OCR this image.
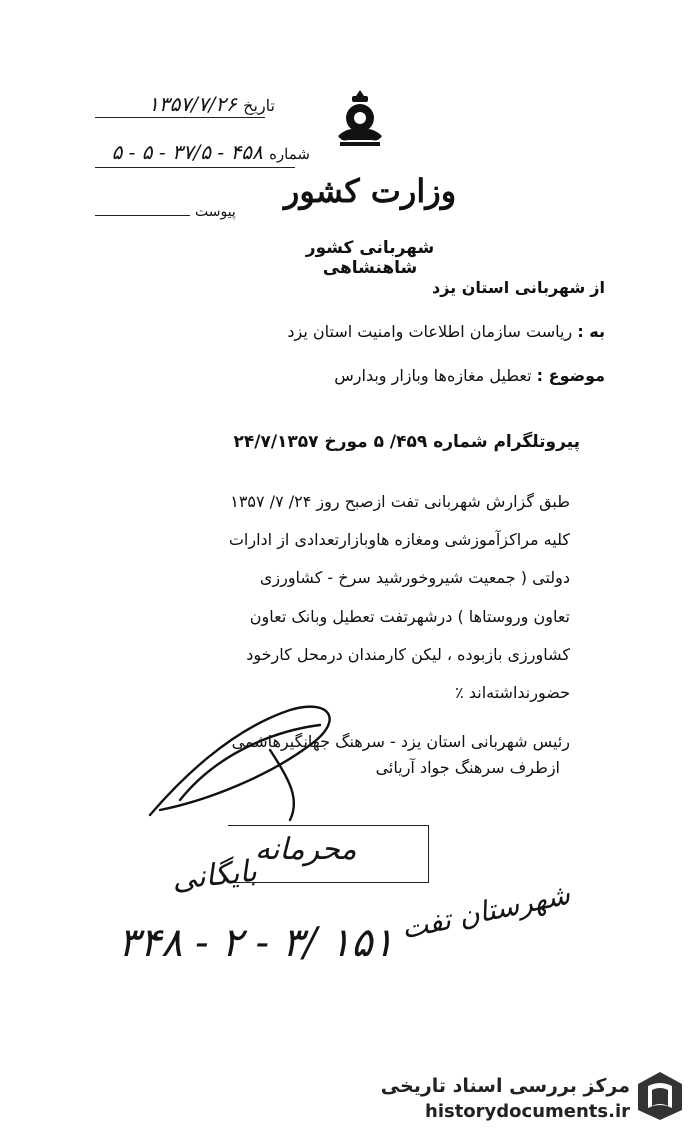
تاریخ ۱۳۵۷/۷/۲۶
شماره ۴۵۸ - ۳۷/۵ - ۵ - ۵
پیوست
وزارت کشور
شهربانی کشور شاهنشاهی
از شهربانی استان یزد
به : ریاست سازمان اطلاعات وامنیت استان یزد
موضوع : تعطیل مغازه‌ها وبازار وبدارس
پیروتلگرام شماره ۴۵۹/ ۵ مورخ ۲۴/۷/۱۳۵۷
طبق گزارش شهربانی تفت ازصبح روز ۲۴/ ۷/ ۱۳۵۷
کلیه مراکزآموزشی ومغازه هاوبازارتعدادی از ادارات
دولتی ( جمعیت شیروخورشید سرخ - کشاورزی
تعاون وروستاها ) درشهرتفت تعطیل وبانک تعاون
کشاورزی بازبوده ، لیکن کارمندان درمحل کارخود
حضورنداشته‌اند ٪
رئیس شهربانی استان یزد - سرهنگ جهانگیرهاشمی
ازطرف سرهنگ جواد آریائی
محرمانه
بایگانی
شهرستان تفت
۳۴۸ - ۲ - ۳/ ۱۵۱
مرکز بررسی اسناد تاریخی
historydocuments.ir
